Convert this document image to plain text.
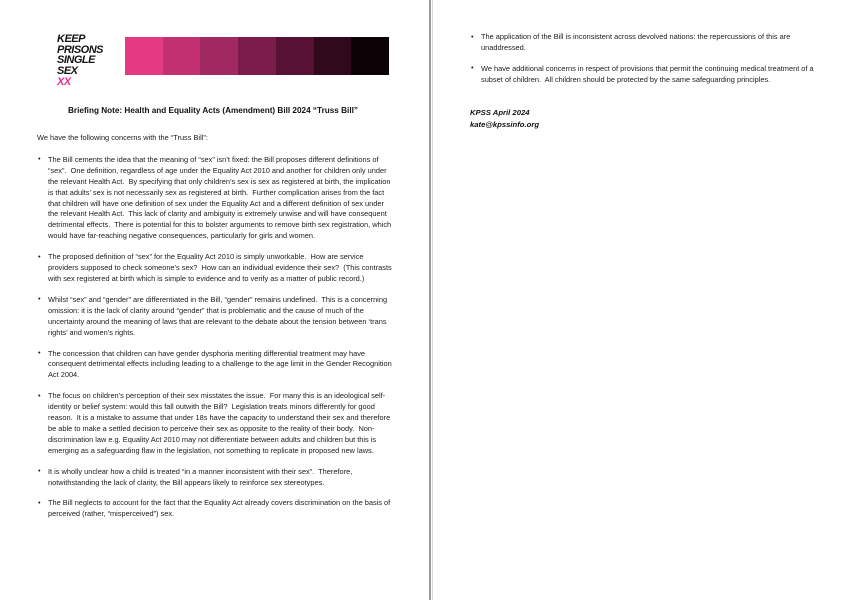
KEEP
PRISONS
SINGLE
SEX
XX
Briefing Note: Health and Equality Acts (Amendment) Bill 2024 “Truss Bill”

We have the following concerns with the “Truss Bill”:

• The Bill cements the idea that the meaning of “sex” isn’t fixed: the Bill proposes different definitions of “sex”.  One definition, regardless of age under the Equality Act 2010 and another for children only under the relevant Health Act.  By specifying that only children’s sex is sex as registered at birth, the implication is that adults’ sex is not necessarily sex as registered at birth.  Further complication arises from the fact that children will have one definition of sex under the Equality Act and a different definition of sex under the relevant Health Act.  This lack of clarity and ambiguity is extremely unwise and will have consequent detrimental effects.  There is potential for this to bolster arguments to remove birth sex registration, which would have far-reaching negative consequences, particularly for girls and women.
• The proposed definition of “sex” for the Equality Act 2010 is simply unworkable.  How are service providers supposed to check someone’s sex?  How can an individual evidence their sex?  (This contrasts with sex registered at birth which is simple to evidence and to verify as a matter of public record.)
• Whilst “sex” and “gender” are differentiated in the Bill, “gender” remains undefined.  This is a concerning omission: it is the lack of clarity around “gender” that is problematic and the cause of much of the uncertainty around the meaning of laws that are relevant to the debate about the tension between ‘trans rights’ and women’s rights.
• The concession that children can have gender dysphoria meriting differential treatment may have consequent detrimental effects including leading to a challenge to the age limit in the Gender Recognition Act 2004.
• The focus on children’s perception of their sex misstates the issue.  For many this is an ideological self-identity or belief system: would this fall outwith the Bill?  Legislation treats minors differently for good reason.  It is a mistake to assume that under 18s have the capacity to understand their sex and therefore be able to make a settled decision to perceive their sex as opposite to the reality of their body.  Non-discrimination law e.g. Equality Act 2010 may not differentiate between adults and children but this is emerging as a safeguarding flaw in the legislation, not something to replicate in proposed new laws.
• It is wholly unclear how a child is treated “in a manner inconsistent with their sex”.  Therefore, notwithstanding the lack of clarity, the Bill appears likely to reinforce sex stereotypes.
• The Bill neglects to account for the fact that the Equality Act already covers discrimination on the basis of perceived (rather, “misperceived”) sex.
• The application of the Bill is inconsistent across devolved nations: the repercussions of this are unaddressed.
• We have additional concerns in respect of provisions that permit the continuing medical treatment of a subset of children.  All children should be protected by the same safeguarding principles.
KPSS April 2024
kate@kpssinfo.org
